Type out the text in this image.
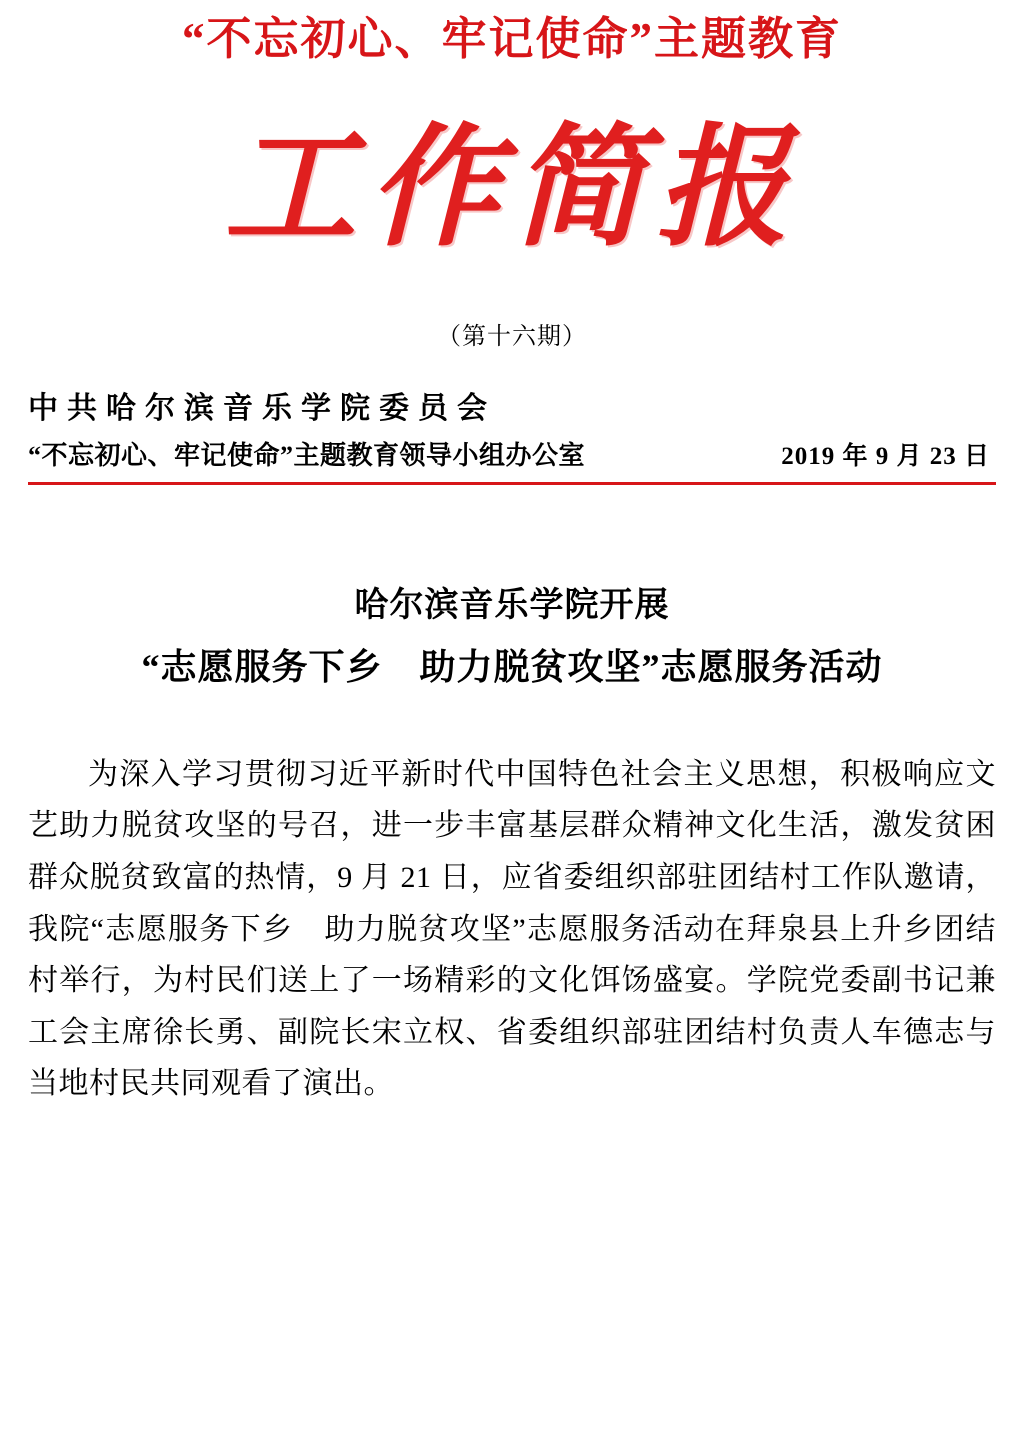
“不忘初心、牢记使命”主题教育
工作简报
（第十六期）
中共哈尔滨音乐学院委员会
“不忘初心、牢记使命”主题教育领导小组办公室	2019 年 9 月 23 日
哈尔滨音乐学院开展
“志愿服务下乡　助力脱贫攻坚”志愿服务活动

为深入学习贯彻习近平新时代中国特色社会主义思想，积极响应文艺助力脱贫攻坚的号召，进一步丰富基层群众精神文化生活，激发贫困群众脱贫致富的热情，9 月 21 日，应省委组织部驻团结村工作队邀请，我院“志愿服务下乡　助力脱贫攻坚”志愿服务活动在拜泉县上升乡团结村举行，为村民们送上了一场精彩的文化饵饧盛宴。学院党委副书记兼工会主席徐长勇、副院长宋立权、省委组织部驻团结村负责人车德志与当地村民共同观看了演出。
